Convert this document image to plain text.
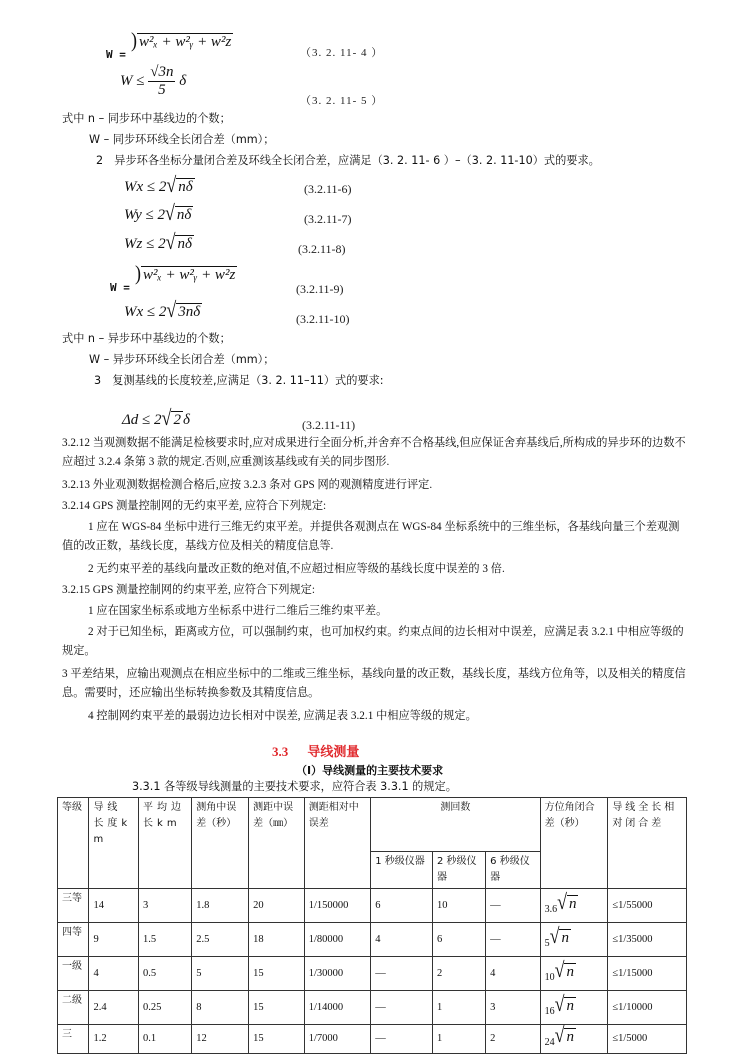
$_{W =}$ ) w²ₓ + w²ᵧ + w²z
（3. 2. 11- 4 ）
$W \le \frac{√3n}{5}$ δ
（3. 2. 11- 5 ）
式中 n – 同步环中基线边的个数；
W – 同步环环线全长闭合差（mm）；
2　异步环各坐标分量闭合差及环线全长闭合差，应满足（3. 2. 11- 6 ）–（3. 2. 11-10）式的要求。
Wx ≤ 2√ nδ	(3.2.11-6)
Wy ≤ 2√ nδ	(3.2.11-7)
Wz ≤ 2√ nδ	(3.2.11-8)
$_{W =}$ ) w²ₓ + w²ᵧ + w²z
(3.2.11-9)
Wx ≤ 2√ 3nδ	(3.2.11-10)
式中 n – 异步环中基线边的个数；
W – 异步环环线全长闭合差（mm）；
3　复测基线的长度较差,应满足（3. 2. 11–11）式的要求:
Δd ≤ 2√ 2 δ	(3.2.11-11)
3.2.12 当观测数据不能满足检核要求时,应对成果进行全面分析,并舍弃不合格基线,但应保证舍弃基线后,所构成的异步环的边数不应超过 3.2.4 条第 3 款的规定.否则,应重测该基线或有关的同步图形.
3.2.13 外业观测数据检测合格后,应按 3.2.3 条对 GPS 网的观测精度进行评定.
3.2.14 GPS 测量控制网的无约束平差, 应符合下列规定:
1 应在 WGS-84 坐标中进行三维无约束平差。并提供各观测点在 WGS-84 坐标系统中的三维坐标，各基线向量三个差观测值的改正数，基线长度，基线方位及相关的精度信息等.
2 无约束平差的基线向量改正数的绝对值,不应超过相应等级的基线长度中误差的 3 倍.
3.2.15 GPS 测量控制网的约束平差, 应符合下列规定:
1 应在国家坐标系或地方坐标系中进行二维后三维约束平差。
2 对于已知坐标，距离或方位，可以强制约束，也可加权约束。约束点间的边长相对中误差，应满足表 3.2.1 中相应等级的规定。
3 平差结果，应输出观测点在相应坐标中的二维或三维坐标，基线向量的改正数，基线长度，基线方位角等，以及相关的精度信息。需要时，还应输出坐标转换参数及其精度信息。
4 控制网约束平差的最弱边边长相对中误差, 应满足表 3.2.1 中相应等级的规定。
3.3 导线测量
（Ⅰ）导线测量的主要技术要求
3.3.1 各等级导线测量的主要技术要求，应符合表 3.3.1 的规定。
等级	导线长度km	平均边长km	测角中误差（秒）	测距中误差（㎜）	测距相对中误差	测回数			方位角闭合差（秒）	导线全长相对闭合差
						1 秒级仪器	2 秒级仪器	6 秒级仪器		
三等	14	3	1.8	20	1/150000	6	10	—	3.6√ n	≤1/55000
四等	9	1.5	2.5	18	1/80000	4	6	—	5√ n	≤1/35000
一级	4	0.5	5	15	1/30000	—	2	4	10√ n	≤1/15000
二级	2.4	0.25	8	15	1/14000	—	1	3	16√ n	≤1/10000
三	1.2	0.1	12	15	1/7000	—	1	2	24√ n	≤1/5000
